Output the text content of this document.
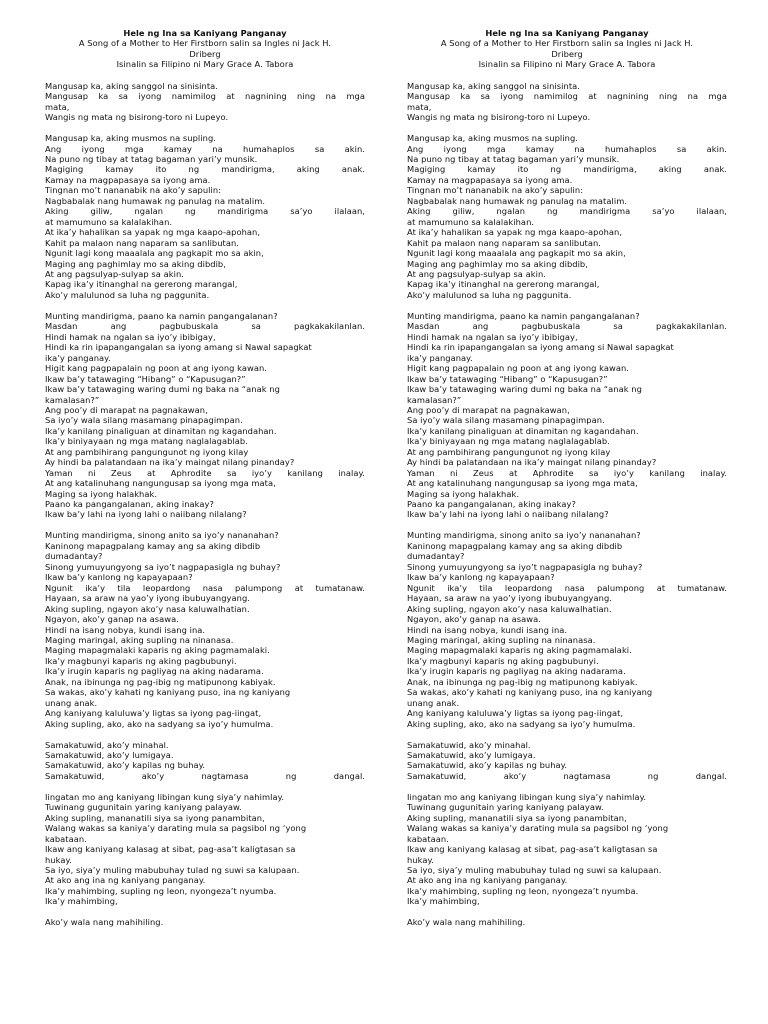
Hele ng Ina sa Kaniyang Panganay
A Song of a Mother to Her Firstborn salin sa Ingles ni Jack H.
Driberg
Isinalin sa Filipino ni Mary Grace A. Tabora
Mangusap ka, aking sanggol na sinisinta.
Mangusap ka sa iyong namimilog at nagnining ning na mga
mata,
Wangis ng mata ng bisirong-toro ni Lupeyo.
Mangusap ka, aking musmos na supling.
Ang iyong mga kamay na humahaplos sa akin.
Na puno ng tibay at tatag bagaman yari’y munsik.
Magiging kamay ito ng mandirigma, aking anak.
Kamay na magpapasaya sa iyong ama.
Tingnan mo’t nananabik na ako’y sapulin:
Nagbabalak nang humawak ng panulag na matalim.
Aking giliw, ngalan ng mandirigma sa’yo ilalaan,
at mamumuno sa kalalakihan.
At ika’y hahalikan sa yapak ng mga kaapo-apohan,
Kahit pa malaon nang naparam sa sanlibutan.
Ngunit lagi kong maaalala ang pagkapit mo sa akin,
Maging ang paghimlay mo sa aking dibdib,
At ang pagsulyap-sulyap sa akin.
Kapag ika’y itinanghal na gererong marangal,
Ako’y malulunod sa luha ng paggunita.
Munting mandirigma, paano ka namin pangangalanan?
Masdan ang pagbubuskala sa pagkakakilanlan.
Hindi hamak na ngalan sa iyo’y ibibigay,
Hindi ka rin ipapangangalan sa iyong amang si Nawal sapagkat
ika’y panganay.
Higit kang pagpapalain ng poon at ang iyong kawan.
Ikaw ba’y tatawaging “Hibang” o “Kapusugan?”
Ikaw ba’y tatawaging waring dumi ng baka na “anak ng
kamalasan?”
Ang poo’y di marapat na pagnakawan,
Sa iyo’y wala silang masamang pinapagimpan.
Ika’y kanilang pinaliguan at dinamitan ng kagandahan.
Ika’y biniyayaan ng mga matang naglalagablab.
At ang pambihirang pangungunot ng iyong kilay
Ay hindi ba palatandaan na ika’y maingat nilang pinanday?
Yaman ni Zeus at Aphrodite sa iyo’y kanilang inalay.
At ang katalinuhang nangungusap sa iyong mga mata,
Maging sa iyong halakhak.
Paano ka pangangalanan, aking inakay?
Ikaw ba’y lahi na iyong lahi o naiibang nilalang?
Munting mandirigma, sinong anito sa iyo’y nananahan?
Kaninong mapagpalang kamay ang sa aking dibdib
dumadantay?
Sinong yumuyungyong sa iyo’t nagpapasigla ng buhay?
Ikaw ba’y kanlong ng kapayapaan?
Ngunit ika’y tila leopardong nasa palumpong at tumatanaw.
Hayaan, sa araw na yao’y iyong ibubuyangyang.
Aking supling, ngayon ako’y nasa kaluwalhatian.
Ngayon, ako’y ganap na asawa.
Hindi na isang nobya, kundi isang ina.
Maging maringal, aking supling na ninanasa.
Maging mapagmalaki kaparis ng aking pagmamalaki.
Ika’y magbunyi kaparis ng aking pagbubunyi.
Ika’y irugin kaparis ng pagliyag na aking nadarama.
Anak, na ibinunga ng pag-ibig ng matipunong kabiyak.
Sa wakas, ako’y kahati ng kaniyang puso, ina ng kaniyang
unang anak.
Ang kaniyang kaluluwa’y ligtas sa iyong pag-iingat,
Aking supling, ako, ako na sadyang sa iyo’y humulma.
Samakatuwid, ako’y minahal.
Samakatuwid, ako’y lumigaya.
Samakatuwid, ako’y kapilas ng buhay.
Samakatuwid, ako’y nagtamasa ng dangal.
Iingatan mo ang kaniyang libingan kung siya’y nahimlay.
Tuwinang gugunitain yaring kaniyang palayaw.
Aking supling, mananatili siya sa iyong panambitan,
Walang wakas sa kaniya’y darating mula sa pagsibol ng ‘yong
kabataan.
Ikaw ang kaniyang kalasag at sibat, pag-asa’t kaligtasan sa
hukay.
Sa iyo, siya’y muling mabubuhay tulad ng suwi sa kalupaan.
At ako ang ina ng kaniyang panganay.
Ika’y mahimbing, supling ng leon, nyongeza’t nyumba.
Ika’y mahimbing,
Ako’y wala nang mahihiling.
Hele ng Ina sa Kaniyang Panganay
A Song of a Mother to Her Firstborn salin sa Ingles ni Jack H.
Driberg
Isinalin sa Filipino ni Mary Grace A. Tabora
Mangusap ka, aking sanggol na sinisinta.
Mangusap ka sa iyong namimilog at nagnining ning na mga
mata,
Wangis ng mata ng bisirong-toro ni Lupeyo.
Mangusap ka, aking musmos na supling.
Ang iyong mga kamay na humahaplos sa akin.
Na puno ng tibay at tatag bagaman yari’y munsik.
Magiging kamay ito ng mandirigma, aking anak.
Kamay na magpapasaya sa iyong ama.
Tingnan mo’t nananabik na ako’y sapulin:
Nagbabalak nang humawak ng panulag na matalim.
Aking giliw, ngalan ng mandirigma sa’yo ilalaan,
at mamumuno sa kalalakihan.
At ika’y hahalikan sa yapak ng mga kaapo-apohan,
Kahit pa malaon nang naparam sa sanlibutan.
Ngunit lagi kong maaalala ang pagkapit mo sa akin,
Maging ang paghimlay mo sa aking dibdib,
At ang pagsulyap-sulyap sa akin.
Kapag ika’y itinanghal na gererong marangal,
Ako’y malulunod sa luha ng paggunita.
Munting mandirigma, paano ka namin pangangalanan?
Masdan ang pagbubuskala sa pagkakakilanlan.
Hindi hamak na ngalan sa iyo’y ibibigay,
Hindi ka rin ipapangangalan sa iyong amang si Nawal sapagkat
ika’y panganay.
Higit kang pagpapalain ng poon at ang iyong kawan.
Ikaw ba’y tatawaging “Hibang” o “Kapusugan?”
Ikaw ba’y tatawaging waring dumi ng baka na “anak ng
kamalasan?”
Ang poo’y di marapat na pagnakawan,
Sa iyo’y wala silang masamang pinapagimpan.
Ika’y kanilang pinaliguan at dinamitan ng kagandahan.
Ika’y biniyayaan ng mga matang naglalagablab.
At ang pambihirang pangungunot ng iyong kilay
Ay hindi ba palatandaan na ika’y maingat nilang pinanday?
Yaman ni Zeus at Aphrodite sa iyo’y kanilang inalay.
At ang katalinuhang nangungusap sa iyong mga mata,
Maging sa iyong halakhak.
Paano ka pangangalanan, aking inakay?
Ikaw ba’y lahi na iyong lahi o naiibang nilalang?
Munting mandirigma, sinong anito sa iyo’y nananahan?
Kaninong mapagpalang kamay ang sa aking dibdib
dumadantay?
Sinong yumuyungyong sa iyo’t nagpapasigla ng buhay?
Ikaw ba’y kanlong ng kapayapaan?
Ngunit ika’y tila leopardong nasa palumpong at tumatanaw.
Hayaan, sa araw na yao’y iyong ibubuyangyang.
Aking supling, ngayon ako’y nasa kaluwalhatian.
Ngayon, ako’y ganap na asawa.
Hindi na isang nobya, kundi isang ina.
Maging maringal, aking supling na ninanasa.
Maging mapagmalaki kaparis ng aking pagmamalaki.
Ika’y magbunyi kaparis ng aking pagbubunyi.
Ika’y irugin kaparis ng pagliyag na aking nadarama.
Anak, na ibinunga ng pag-ibig ng matipunong kabiyak.
Sa wakas, ako’y kahati ng kaniyang puso, ina ng kaniyang
unang anak.
Ang kaniyang kaluluwa’y ligtas sa iyong pag-iingat,
Aking supling, ako, ako na sadyang sa iyo’y humulma.
Samakatuwid, ako’y minahal.
Samakatuwid, ako’y lumigaya.
Samakatuwid, ako’y kapilas ng buhay.
Samakatuwid, ako’y nagtamasa ng dangal.
Iingatan mo ang kaniyang libingan kung siya’y nahimlay.
Tuwinang gugunitain yaring kaniyang palayaw.
Aking supling, mananatili siya sa iyong panambitan,
Walang wakas sa kaniya’y darating mula sa pagsibol ng ‘yong
kabataan.
Ikaw ang kaniyang kalasag at sibat, pag-asa’t kaligtasan sa
hukay.
Sa iyo, siya’y muling mabubuhay tulad ng suwi sa kalupaan.
At ako ang ina ng kaniyang panganay.
Ika’y mahimbing, supling ng leon, nyongeza’t nyumba.
Ika’y mahimbing,
Ako’y wala nang mahihiling.
